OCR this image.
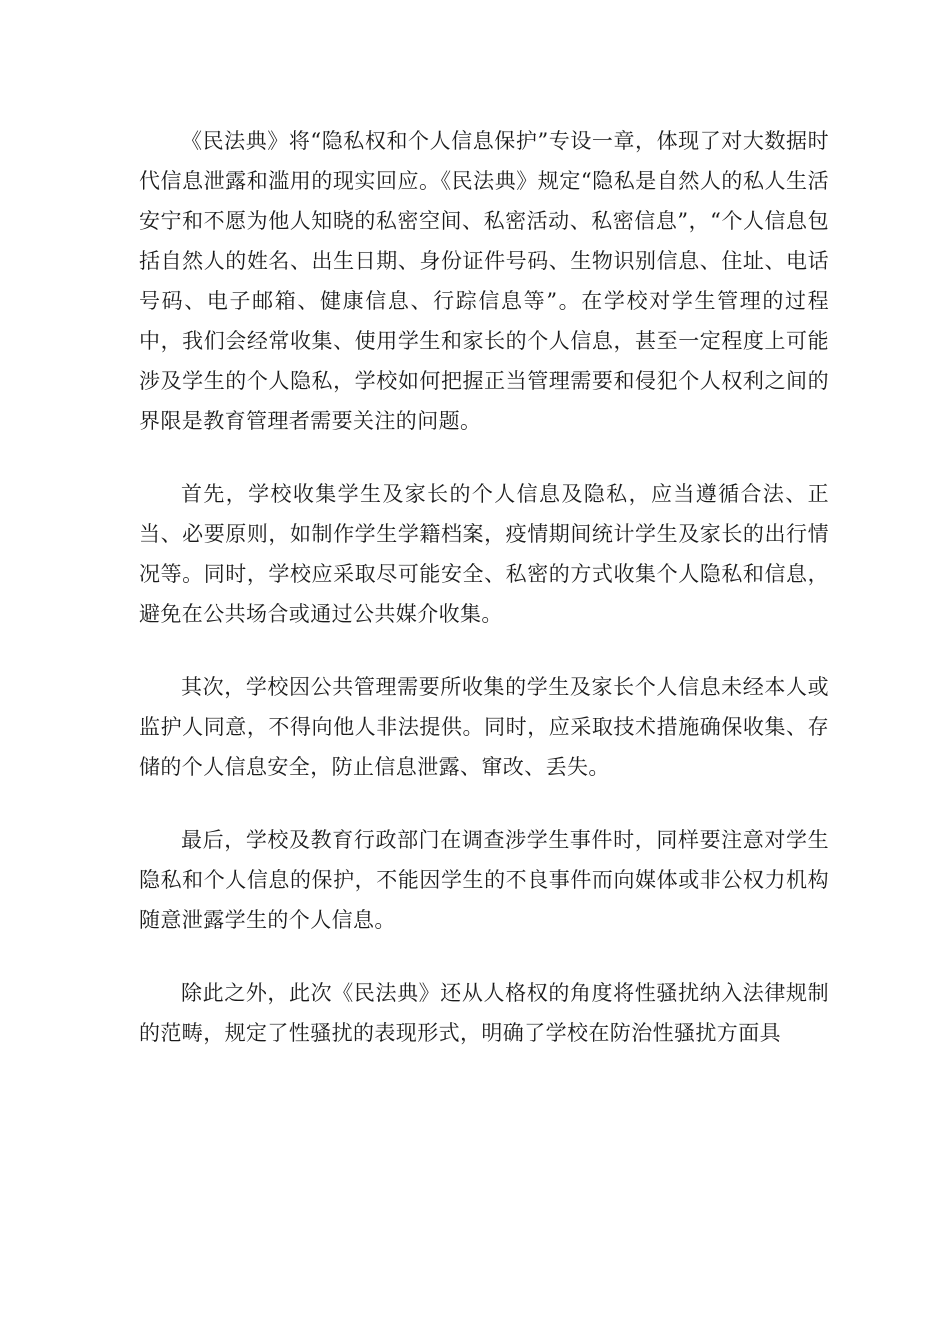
《民法典》将“隐私权和个人信息保护”专设一章，体现了对大数据时代信息泄露和滥用的现实回应。《民法典》规定“隐私是自然人的私人生活安宁和不愿为他人知晓的私密空间、私密活动、私密信息”，“个人信息包括自然人的姓名、出生日期、身份证件号码、生物识别信息、住址、电话号码、电子邮箱、健康信息、行踪信息等”。在学校对学生管理的过程中，我们会经常收集、使用学生和家长的个人信息，甚至一定程度上可能涉及学生的个人隐私，学校如何把握正当管理需要和侵犯个人权利之间的界限是教育管理者需要关注的问题。

首先，学校收集学生及家长的个人信息及隐私，应当遵循合法、正当、必要原则，如制作学生学籍档案，疫情期间统计学生及家长的出行情况等。同时，学校应采取尽可能安全、私密的方式收集个人隐私和信息，避免在公共场合或通过公共媒介收集。

其次，学校因公共管理需要所收集的学生及家长个人信息未经本人或监护人同意，不得向他人非法提供。同时，应采取技术措施确保收集、存储的个人信息安全，防止信息泄露、窜改、丢失。

最后，学校及教育行政部门在调查涉学生事件时，同样要注意对学生隐私和个人信息的保护，不能因学生的不良事件而向媒体或非公权力机构随意泄露学生的个人信息。

除此之外，此次《民法典》还从人格权的角度将性骚扰纳入法律规制的范畴，规定了性骚扰的表现形式，明确了学校在防治性骚扰方面具
